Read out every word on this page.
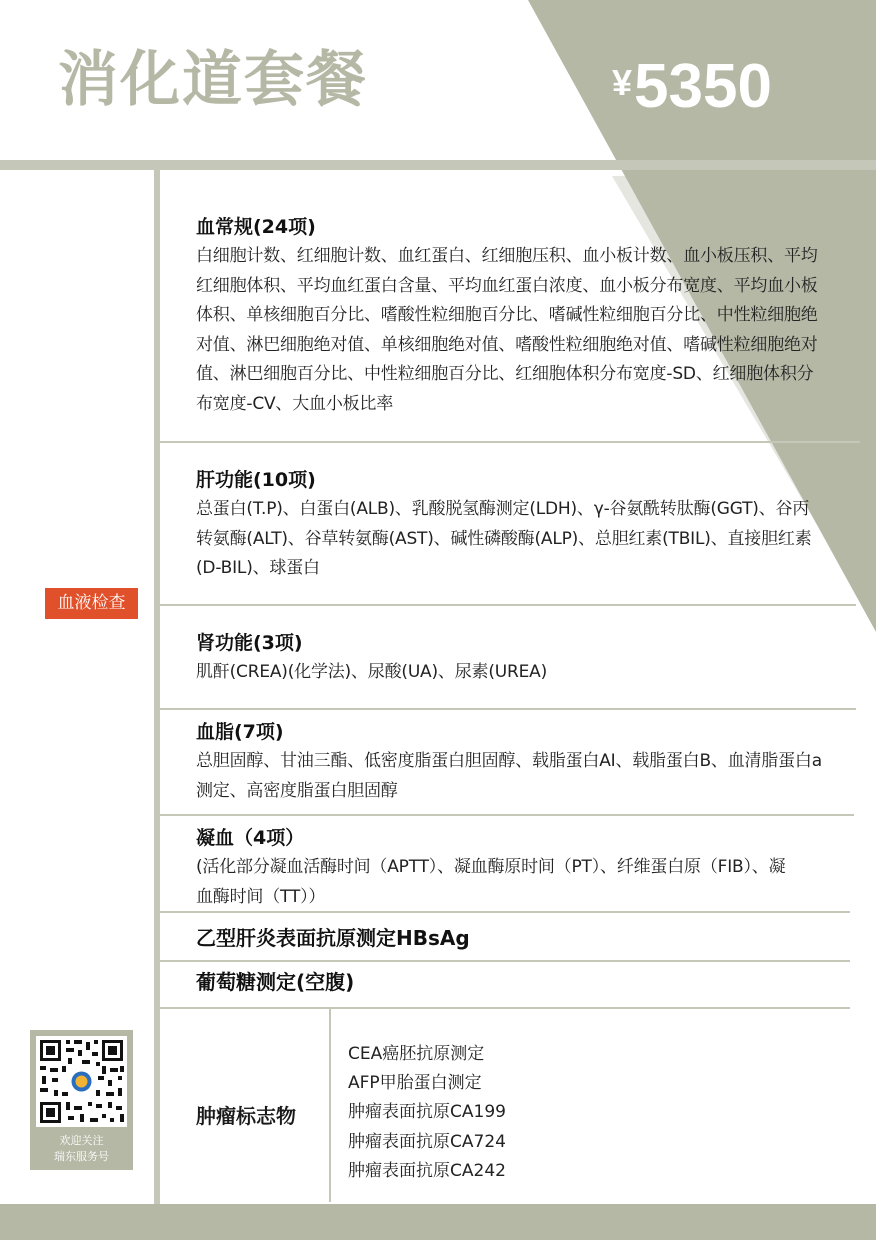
消化道套餐	¥5350
血液检查
血常规(24项)

白细胞计数、红细胞计数、血红蛋白、红细胞压积、血小板计数、血小板压积、平均红细胞体积、平均血红蛋白含量、平均血红蛋白浓度、血小板分布宽度、平均血小板体积、单核细胞百分比、嗜酸性粒细胞百分比、嗜碱性粒细胞百分比、中性粒细胞绝对值、淋巴细胞绝对值、单核细胞绝对值、嗜酸性粒细胞绝对值、嗜碱性粒细胞绝对值、淋巴细胞百分比、中性粒细胞百分比、红细胞体积分布宽度-SD、红细胞体积分布宽度-CV、大血小板比率

肝功能(10项)

总蛋白(T.P)、白蛋白(ALB)、乳酸脱氢酶测定(LDH)、γ-谷氨酰转肽酶(GGT)、谷丙转氨酶(ALT)、谷草转氨酶(AST)、碱性磷酸酶(ALP)、总胆红素(TBIL)、直接胆红素(D-BIL)、球蛋白

肾功能(3项)

肌酐(CREA)(化学法)、尿酸(UA)、尿素(UREA)

血脂(7项)

总胆固醇、甘油三酯、低密度脂蛋白胆固醇、载脂蛋白AⅠ、载脂蛋白B、血清脂蛋白a测定、高密度脂蛋白胆固醇

凝血（4项）

(活化部分凝血活酶时间（APTT）、凝血酶原时间（PT）、纤维蛋白原（FIB）、凝血酶时间（TT））

乙型肝炎表面抗原测定HBsAg
葡萄糖测定(空腹)
肿瘤标志物
CEA癌胚抗原测定
AFP甲胎蛋白测定
肿瘤表面抗原CA199
肿瘤表面抗原CA724
肿瘤表面抗原CA242
欢迎关注
瑞东服务号
